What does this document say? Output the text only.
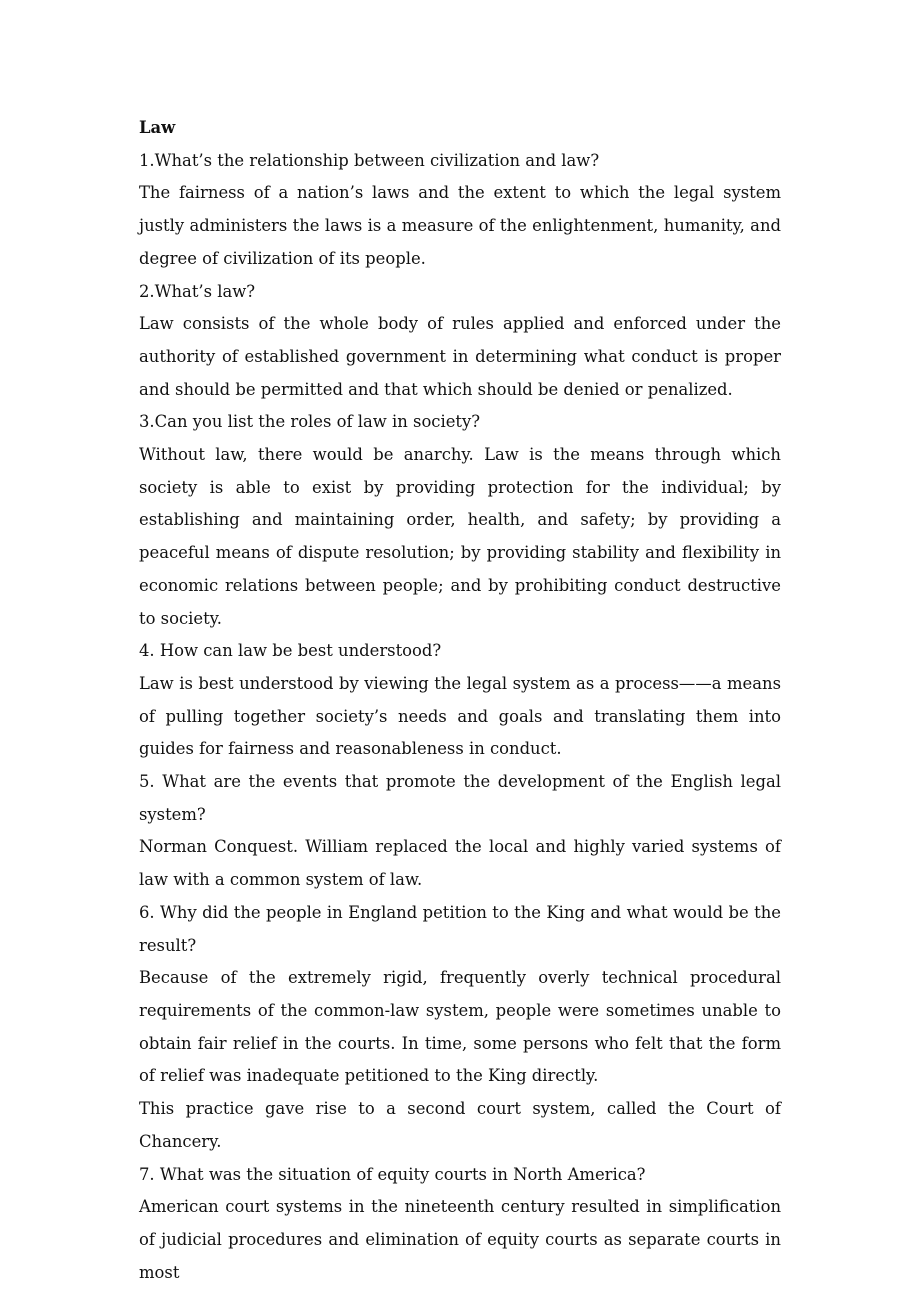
Law

1.What’s the relationship between civilization and law?

The fairness of a nation’s laws and the extent to which the legal system justly administers the laws is a measure of the enlightenment, humanity, and degree of civilization of its people.

2.What’s law?

Law consists of the whole body of rules applied and enforced under the authority of established government in determining what conduct is proper and should be permitted and that which should be denied or penalized.

3.Can you list the roles of law in society?

Without law, there would be anarchy. Law is the means through which society is able to exist by providing protection for the individual; by establishing and maintaining order, health, and safety; by providing a peaceful means of dispute resolution; by providing stability and flexibility in economic relations between people; and by prohibiting conduct destructive to society.

4. How can law be best understood?

Law is best understood by viewing the legal system as a process——a means of pulling together society’s needs and goals and translating them into guides for fairness and reasonableness in conduct.

5. What are the events that promote the development of the English legal system?

Norman Conquest. William replaced the local and highly varied systems of law with a common system of law.

6. Why did the people in England petition to the King and what would be the result?

Because of the extremely rigid, frequently overly technical procedural requirements of the common-law system, people were sometimes unable to obtain fair relief in the courts. In time, some persons who felt that the form of relief was inadequate petitioned to the King directly.

This practice gave rise to a second court system, called the Court of Chancery.

7. What was the situation of equity courts in North America?

American court systems in the nineteenth century resulted in simplification of judicial procedures and elimination of equity courts as separate courts in most
